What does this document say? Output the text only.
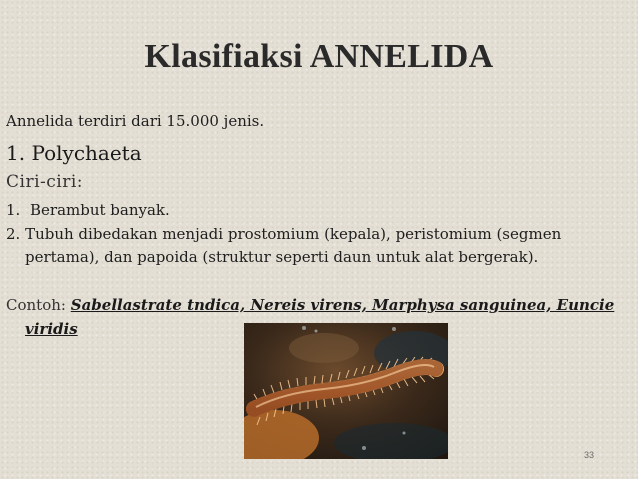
Klasifiaksi ANNELIDA
Annelida terdiri dari 15.000 jenis.
1. Polychaeta
Ciri-ciri:
1. Berambut banyak.
2. Tubuh dibedakan menjadi prostomium (kepala), peristomium (segmen
pertama), dan papoida (struktur seperti daun untuk alat bergerak).
Contoh: Sabellastrate tndica, Nereis virens, Marphysa sanguinea, Euncie
viridis
33
